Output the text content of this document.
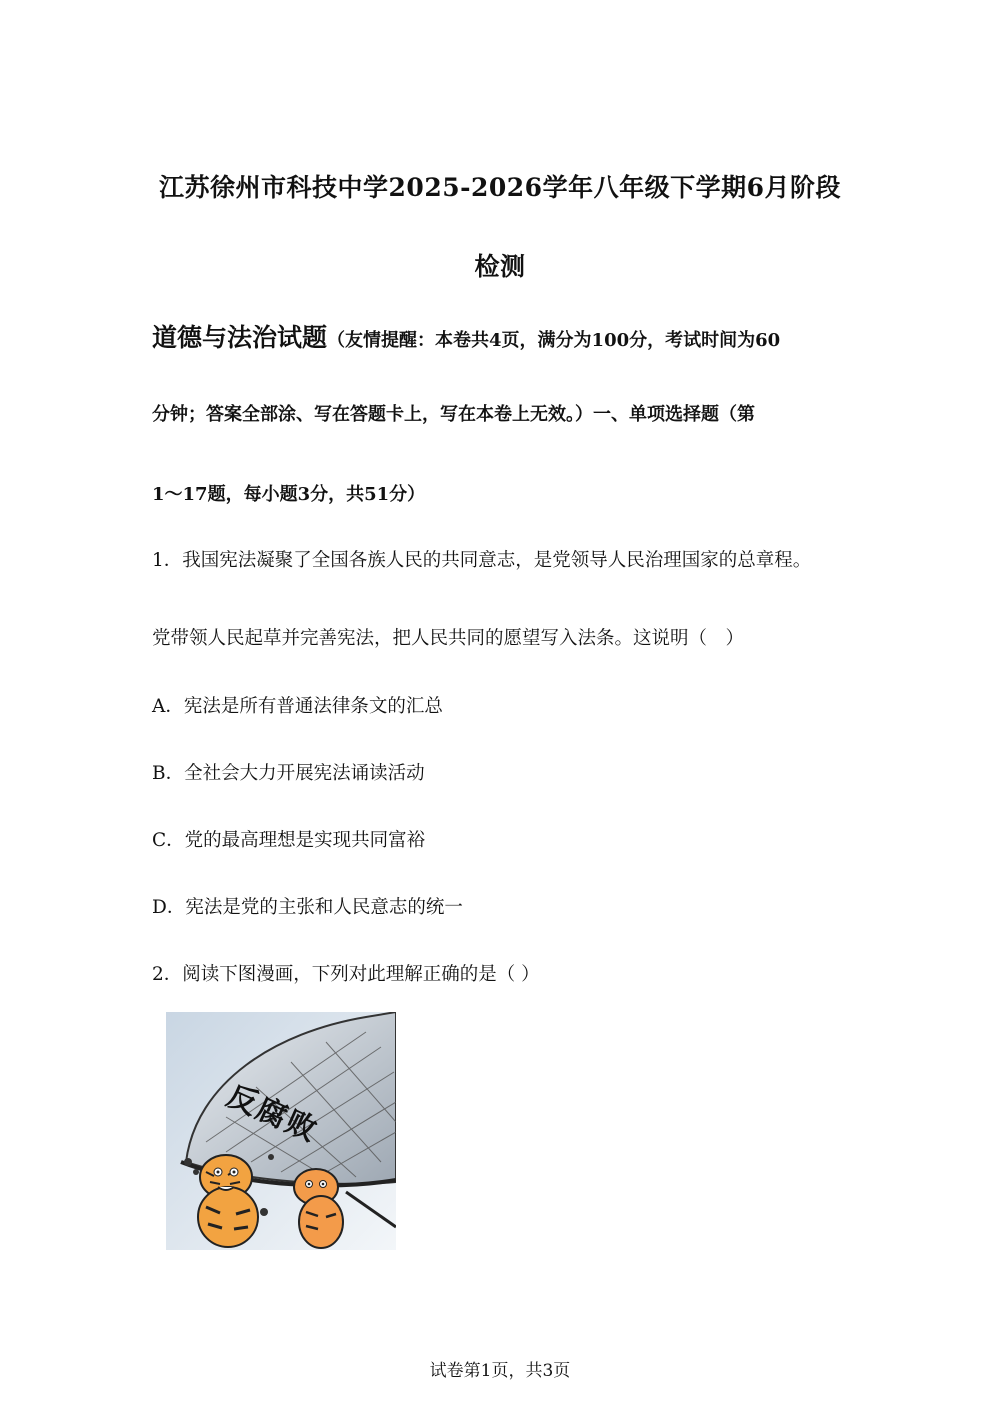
江苏徐州市科技中学2025-2026学年八年级下学期6月阶段
检测
道德与法治试题（友情提醒：本卷共4页，满分为100分，考试时间为60
分钟；答案全部涂、写在答题卡上，写在本卷上无效。）一、单项选择题（第
1～17题，每小题3分，共51分）
1．我国宪法凝聚了全国各族人民的共同意志，是党领导人民治理国家的总章程。
党带领人民起草并完善宪法，把人民共同的愿望写入法条。这说明（　）
A．宪法是所有普通法律条文的汇总
B．全社会大力开展宪法诵读活动
C．党的最高理想是实现共同富裕
D．宪法是党的主张和人民意志的统一
2．阅读下图漫画，下列对此理解正确的是（ ）
反腐败
试卷第1页，共3页
